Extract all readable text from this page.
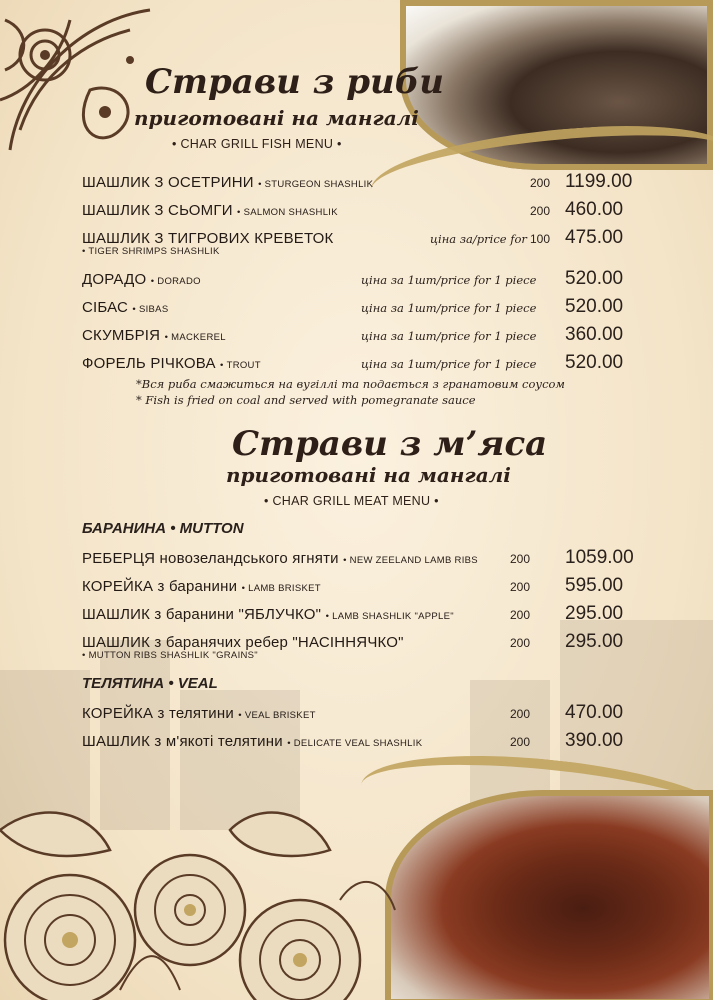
Страви з риби
приготовані на мангалі
• CHAR GRILL FISH MENU •
ШАШЛИК З ОСЕТРИНИ • STURGEON SHASHLIK	200 1199.00
ШАШЛИК З СЬОМГИ • SALMON SHASHLIK	200 460.00
ШАШЛИК З ТИГРОВИХ КРЕВЕТОК
• TIGER SHRIMPS SHASHLIK
ціна за/price for 100 475.00
ДОРАДО • DORADO	ціна за 1шт/price for 1 piece 520.00
СІБАС • SIBAS	ціна за 1шт/price for 1 piece 520.00
СКУМБРІЯ • MACKEREL	ціна за 1шт/price for 1 piece 360.00
ФОРЕЛЬ РІЧКОВА • TROUT	ціна за 1шт/price for 1 piece 520.00
*Вся риба смажиться на вугіллі та подається з гранатовим соусом
* Fish is fried on coal and served with pomegranate sauce
Страви з м’яса
приготовані на мангалі
• CHAR GRILL MEAT MENU •
БАРАНИНА • MUTTON
РЕБЕРЦЯ новозеландського ягняти • NEW ZEELAND LAMB RIBS	200 1059.00
КОРЕЙКА з баранини • LAMB BRISKET	200 595.00
ШАШЛИК з баранини "ЯБЛУЧКО" • LAMB SHASHLIK "APPLE"	200 295.00
ШАШЛИК з баранячих ребер "НАСІННЯЧКО"
• MUTTON RIBS SHASHLIK "GRAINS"
200 295.00
ТЕЛЯТИНА • VEAL
КОРЕЙКА з телятини • VEAL BRISKET	200 470.00
ШАШЛИК з м'якоті телятини • DELICATE VEAL SHASHLIK	200 390.00
